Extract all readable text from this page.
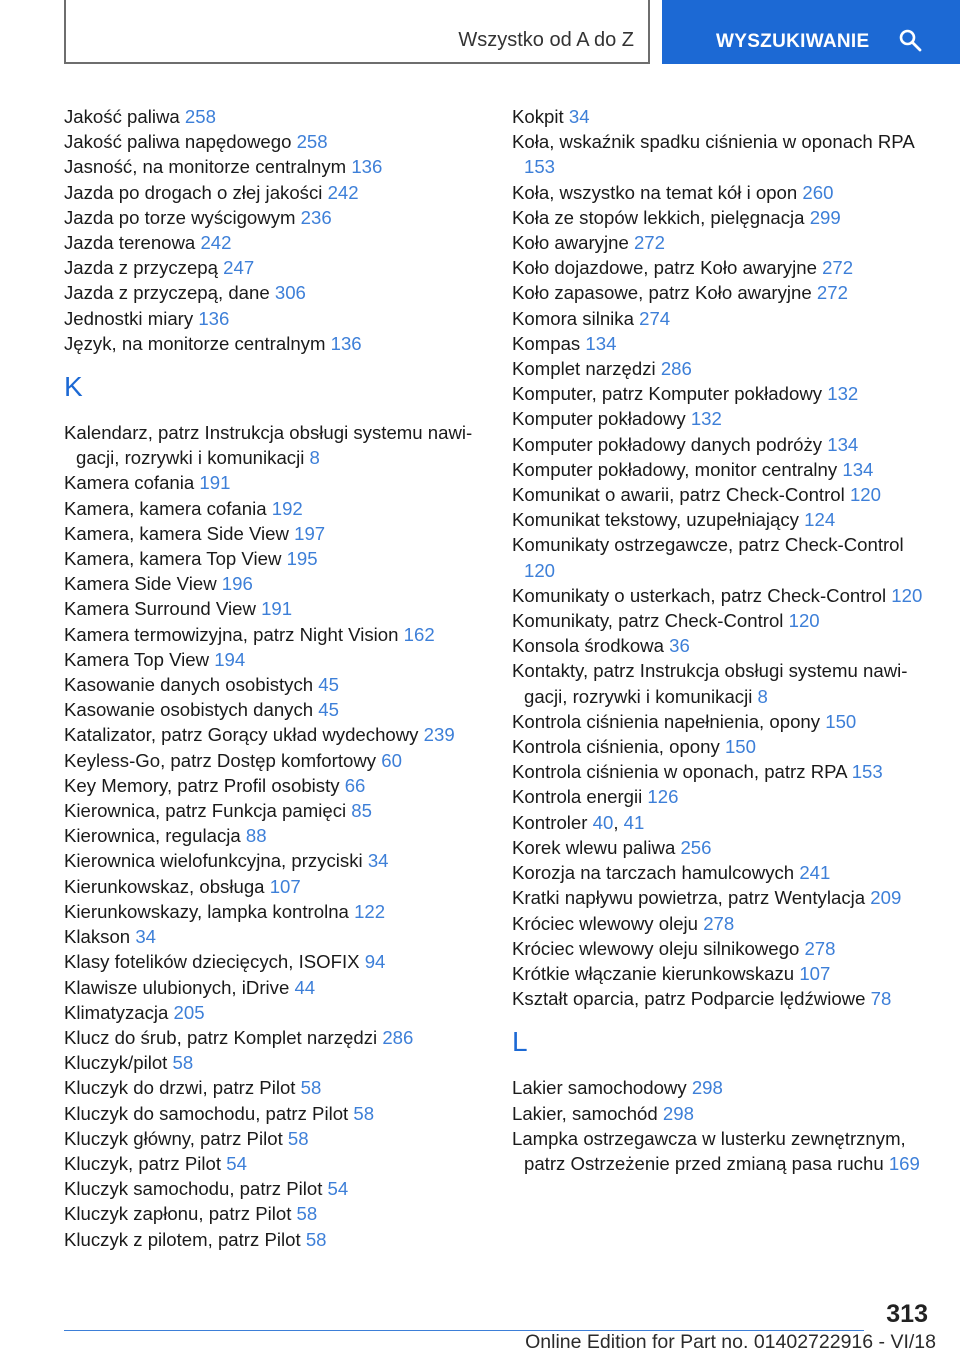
Wszystko od A do Z	WYSZUKIWANIE
Jakość paliwa 258
Jakość paliwa napędowego 258
Jasność, na monitorze centralnym 136
Jazda po drogach o złej jakości 242
Jazda po torze wyścigowym 236
Jazda terenowa 242
Jazda z przyczepą 247
Jazda z przyczepą, dane 306
Jednostki miary 136
Język, na monitorze centralnym 136
K
Kalendarz, patrz Instrukcja obsługi systemu nawigacji, rozrywki i komunikacji 8
Kamera cofania 191
Kamera, kamera cofania 192
Kamera, kamera Side View 197
Kamera, kamera Top View 195
Kamera Side View 196
Kamera Surround View 191
Kamera termowizyjna, patrz Night Vision 162
Kamera Top View 194
Kasowanie danych osobistych 45
Kasowanie osobistych danych 45
Katalizator, patrz Gorący układ wydechowy 239
Keyless-Go, patrz Dostęp komfortowy 60
Key Memory, patrz Profil osobisty 66
Kierownica, patrz Funkcja pamięci 85
Kierownica, regulacja 88
Kierownica wielofunkcyjna, przyciski 34
Kierunkowskaz, obsługa 107
Kierunkowskazy, lampka kontrolna 122
Klakson 34
Klasy fotelików dziecięcych, ISOFIX 94
Klawisze ulubionych, iDrive 44
Klimatyzacja 205
Klucz do śrub, patrz Komplet narzędzi 286
Kluczyk/pilot 58
Kluczyk do drzwi, patrz Pilot 58
Kluczyk do samochodu, patrz Pilot 58
Kluczyk główny, patrz Pilot 58
Kluczyk, patrz Pilot 54
Kluczyk samochodu, patrz Pilot 54
Kluczyk zapłonu, patrz Pilot 58
Kluczyk z pilotem, patrz Pilot 58
Kokpit 34
Koła, wskaźnik spadku ciśnienia w oponach RPA 153
Koła, wszystko na temat kół i opon 260
Koła ze stopów lekkich, pielęgnacja 299
Koło awaryjne 272
Koło dojazdowe, patrz Koło awaryjne 272
Koło zapasowe, patrz Koło awaryjne 272
Komora silnika 274
Kompas 134
Komplet narzędzi 286
Komputer, patrz Komputer pokładowy 132
Komputer pokładowy 132
Komputer pokładowy danych podróży 134
Komputer pokładowy, monitor centralny 134
Komunikat o awarii, patrz Check-Control 120
Komunikat tekstowy, uzupełniający 124
Komunikaty ostrzegawcze, patrz Check-Control 120
Komunikaty o usterkach, patrz Check-Control 120
Komunikaty, patrz Check-Control 120
Konsola środkowa 36
Kontakty, patrz Instrukcja obsługi systemu nawigacji, rozrywki i komunikacji 8
Kontrola ciśnienia napełnienia, opony 150
Kontrola ciśnienia, opony 150
Kontrola ciśnienia w oponach, patrz RPA 153
Kontrola energii 126
Kontroler 40, 41
Korek wlewu paliwa 256
Korozja na tarczach hamulcowych 241
Kratki napływu powietrza, patrz Wentylacja 209
Króciec wlewowy oleju 278
Króciec wlewowy oleju silnikowego 278
Krótkie włączanie kierunkowskazu 107
Kształt oparcia, patrz Podparcie lędźwiowe 78
L
Lakier samochodowy 298
Lakier, samochód 298
Lampka ostrzegawcza w lusterku zewnętrznym, patrz Ostrzeżenie przed zmianą pasa ruchu 169
313
Online Edition for Part no. 01402722916 - VI/18
